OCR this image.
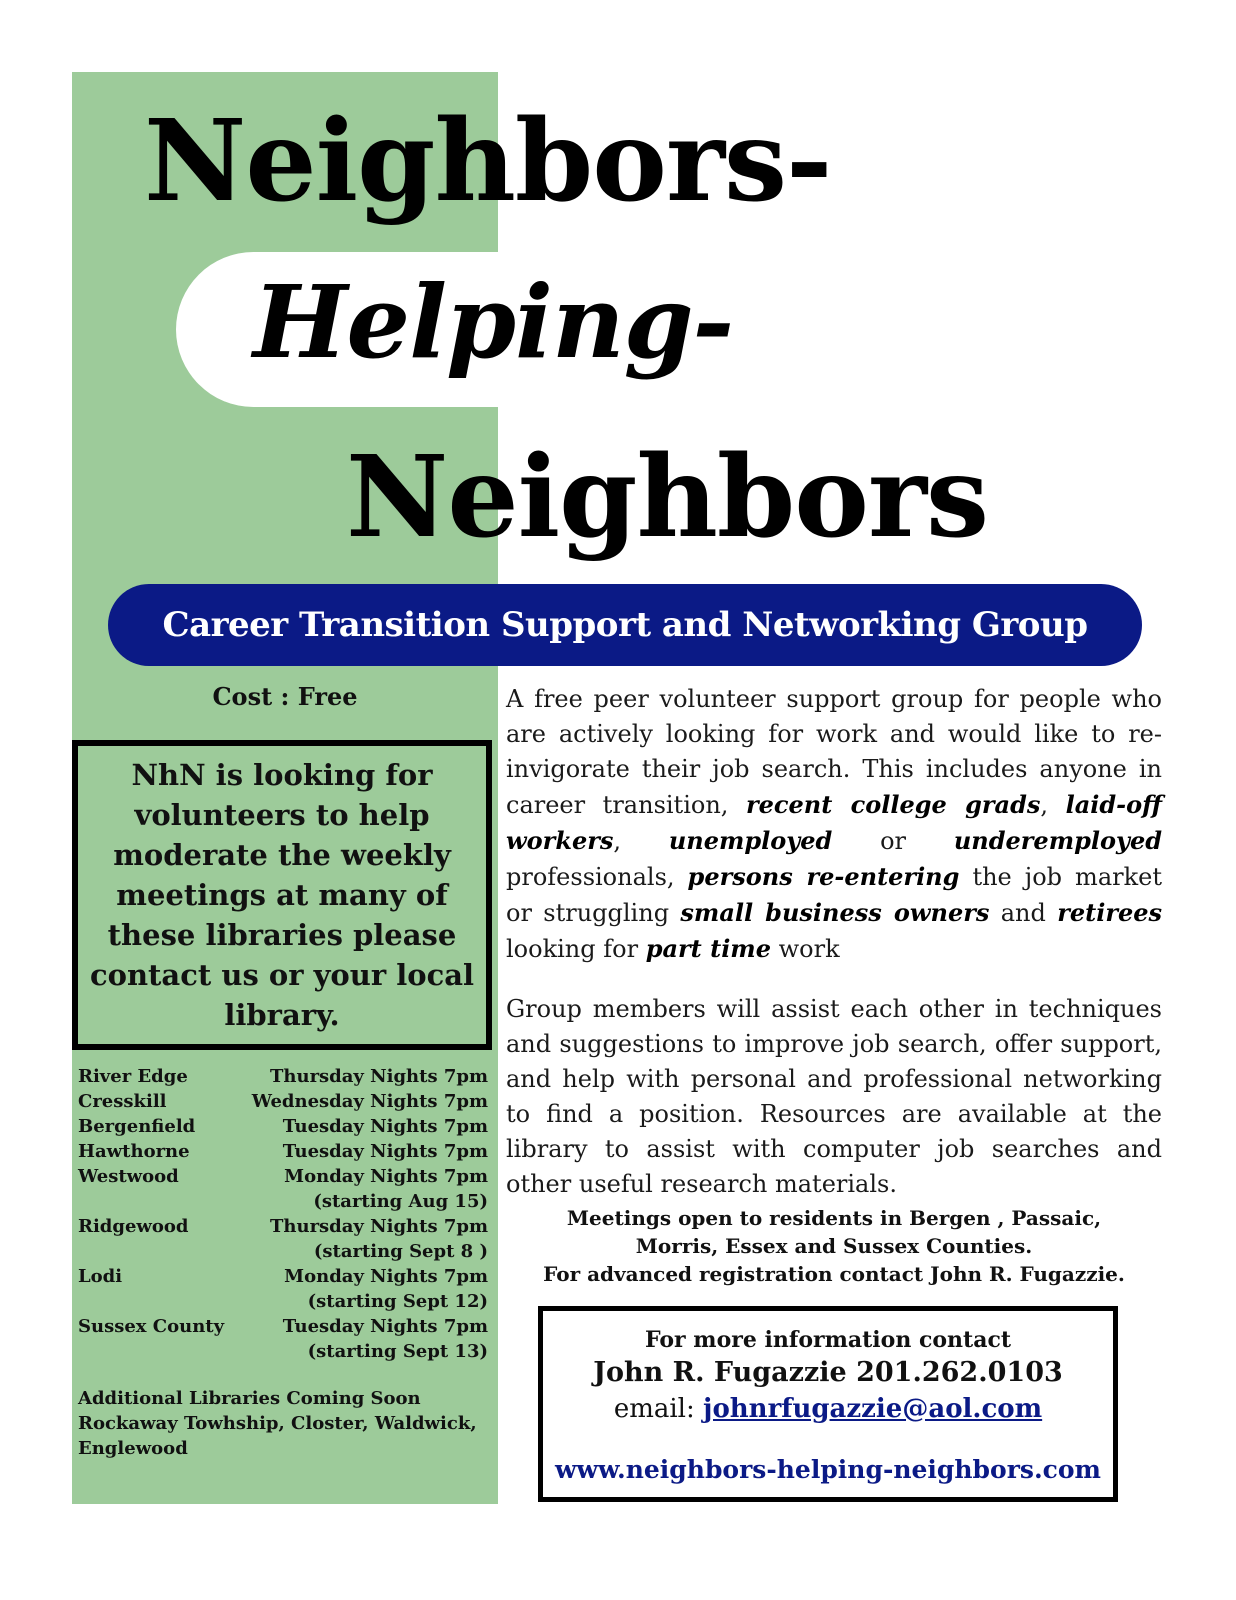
Neighbors-
Helping-
Neighbors
Career Transition Support and Networking Group
Cost : Free

NhN is looking for volunteers to help moderate the weekly meetings at many of these libraries please contact us or your local library.

River Edge	Thursday Nights 7pm
Cresskill	Wednesday Nights 7pm
Bergenfield	Tuesday Nights 7pm
Hawthorne	Tuesday Nights 7pm
Westwood	Monday Nights 7pm
(starting Aug 15)
Ridgewood	Thursday Nights 7pm
(starting Sept 8 )
Lodi	Monday Nights 7pm
(starting Sept 12)
Sussex County	Tuesday Nights 7pm
(starting Sept 13)
Additional Libraries Coming Soon
Rockaway Towhship, Closter, Waldwick, Englewood

A free peer volunteer support group for people who are actively looking for work and would like to re-invigorate their job search. This includes anyone in career transition, recent college grads, laid-off workers, unemployed or underemployed professionals, persons re-entering the job market or struggling small business owners and retirees looking for part time work

Group members will assist each other in techniques and suggestions to improve job search, offer support, and help with personal and professional networking to find a position. Resources are available at the library to assist with computer job searches and other useful research materials.

Meetings open to residents in Bergen , Passaic,
Morris, Essex and Sussex Counties.
For advanced registration contact John R. Fugazzie.
For more information contact
John R. Fugazzie 201.262.0103
email: johnrfugazzie@aol.com
www.neighbors-helping-neighbors.com
